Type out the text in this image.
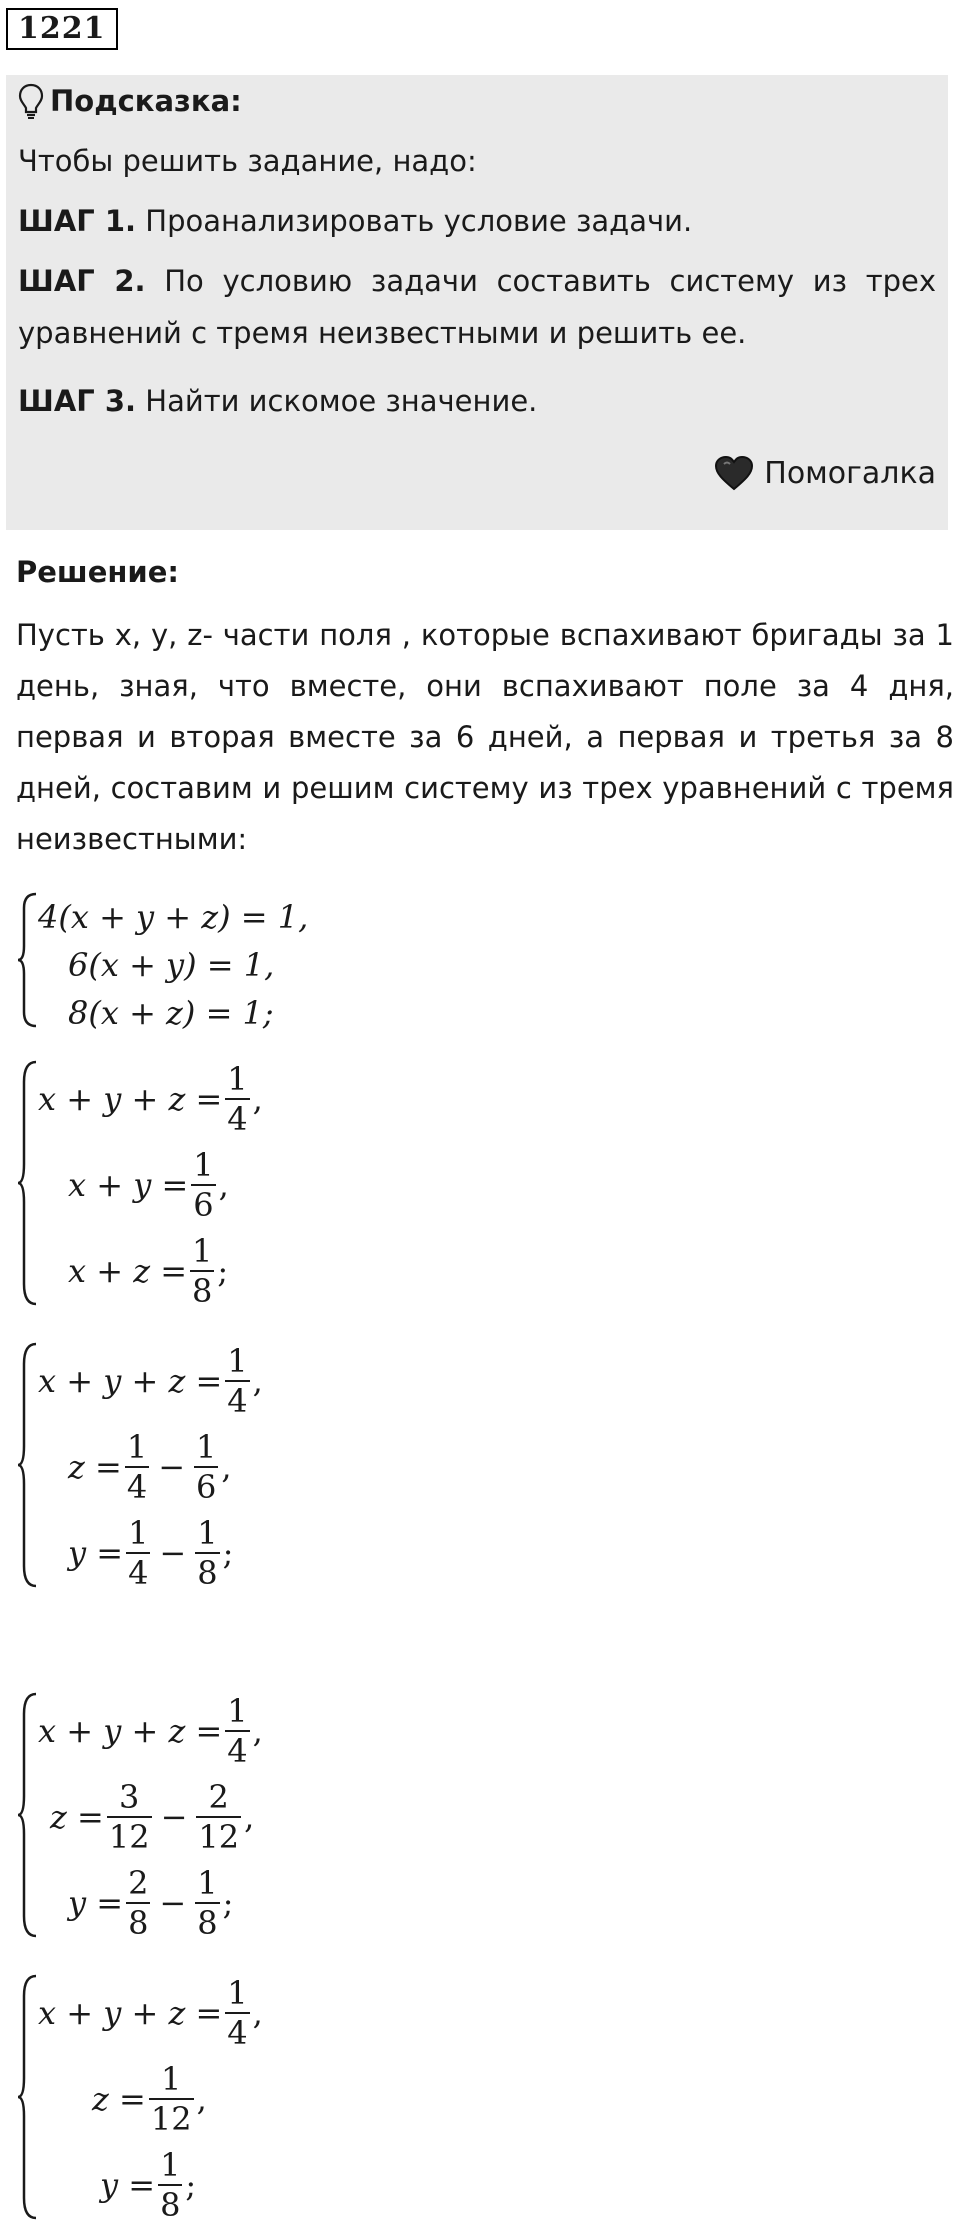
1221
Подсказка:
Чтобы решить задание, надо:
ШАГ 1. Проанализировать условие задачи.
ШАГ 2. По условию задачи составить систему из трех
уравнений с тремя неизвестными и решить ее.
ШАГ 3. Найти искомое значение.
Помогалка
Решение:
Пусть x, y, z- части поля , которые вспахивают бригады за 1
день, зная, что вместе, они вспахивают поле за 4 дня,
первая и вторая вместе за 6 дней, а первая и третья за 8
дней, составим и решим систему из трех уравнений с тремя
неизвестными:
4(x + y + z) = 1,
6(x + y) = 1,
8(x + z) = 1;
$x + y + z = \frac{1}{4}$ ,
$x + y = \frac{1}{6}$ ,
$x + z = \frac{1}{8}$ ;
$x + y + z = \frac{1}{4}$ ,
$z = \frac{1}{4} - \frac{1}{6}$ ,
$y = \frac{1}{4} - \frac{1}{8}$ ;
$x + y + z = \frac{1}{4}$ ,
$z = \frac{3}{12} - \frac{2}{12}$ ,
$y = \frac{2}{8} - \frac{1}{8}$ ;
$x + y + z = \frac{1}{4}$ ,
$z = \frac{1}{12}$ ,
$y = \frac{1}{8}$ ;
